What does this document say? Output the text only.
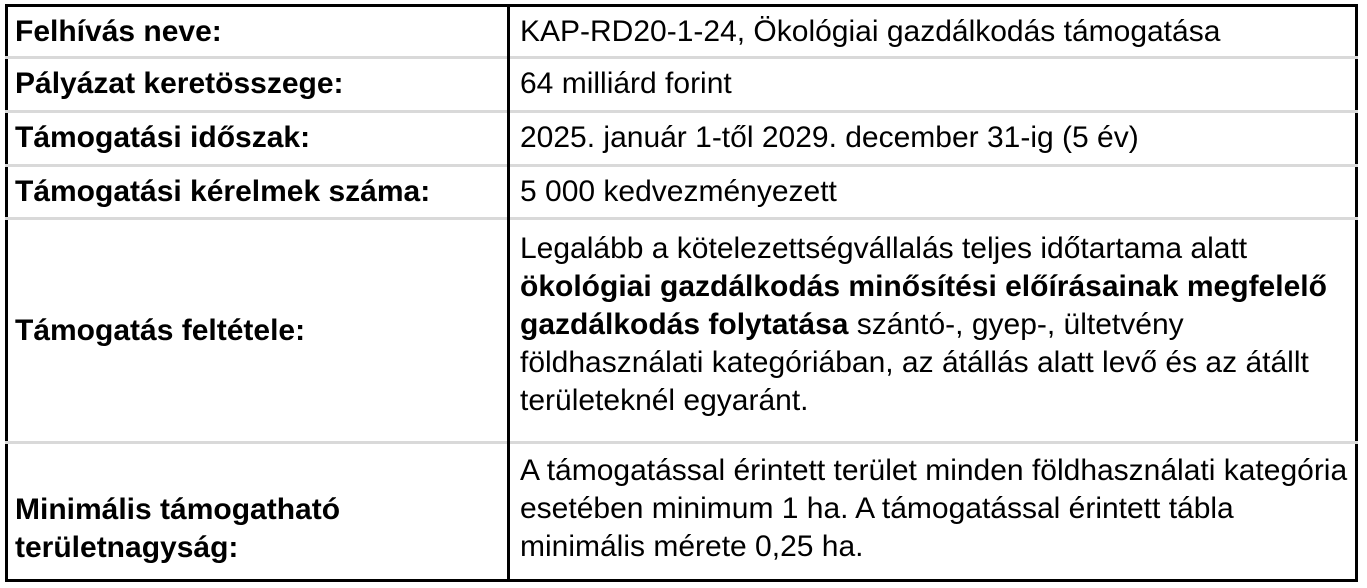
Felhívás neve:	KAP-RD20-1-24, Ökológiai gazdálkodás támogatása
Pályázat keretösszege:	64 milliárd forint
Támogatási időszak:	2025. január 1-től 2029. december 31-ig (5 év)
Támogatási kérelmek száma:	5 000 kedvezményezett
Támogatás feltétele:	Legalább a kötelezettségvállalás teljes időtartama alatt ökológiai gazdálkodás minősítési előírásainak megfelelő gazdálkodás folytatása szántó-, gyep-, ültetvény földhasználati kategóriában, az átállás alatt levő és az átállt területeknél egyaránt.
Minimális támogatható területnagyság:	A támogatással érintett terület minden földhasználati kategória esetében minimum 1 ha. A támogatással érintett tábla minimális mérete 0,25 ha.
